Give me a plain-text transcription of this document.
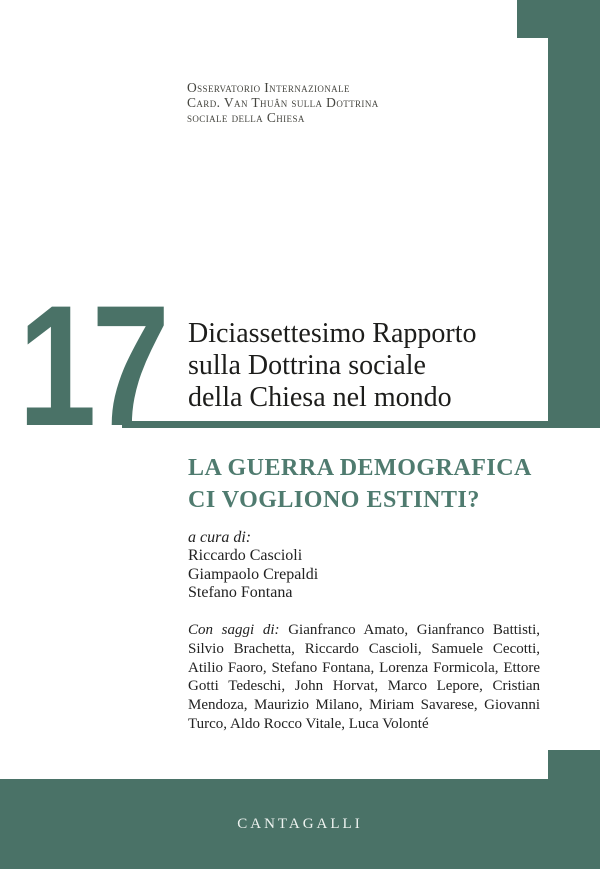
Osservatorio Internazionale
Card. Van Thuân sulla Dottrina
sociale della Chiesa
17 Diciassettesimo Rapporto
sulla Dottrina sociale
della Chiesa nel mondo
LA GUERRA DEMOGRAFICA
CI VOGLIONO ESTINTI?
a cura di:
Riccardo Cascioli
Giampaolo Crepaldi
Stefano Fontana

Con saggi di: Gianfranco Amato, Gianfranco Battisti, Silvio Brachetta, Riccardo Cascioli, Samuele Cecotti, Atilio Faoro, Stefano Fontana, Lorenza Formicola, Ettore Gotti Tedeschi, John Horvat, Marco Lepore, Cristian Mendoza, Maurizio Milano, Miriam Savarese, Giovanni Turco, Aldo Rocco Vitale, Luca Volonté

CANTAGALLI
